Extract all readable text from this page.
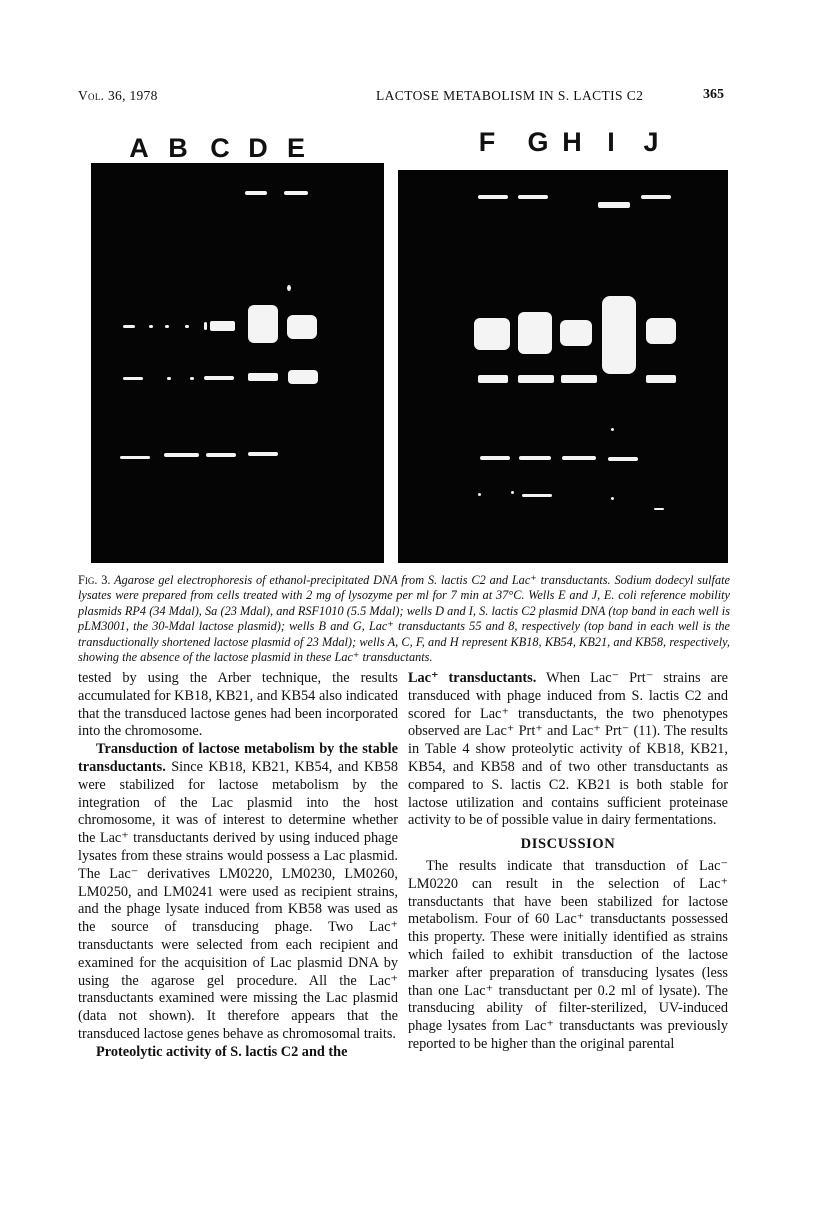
Vol. 36, 1978	LACTOSE METABOLISM IN S. LACTIS C2	365
A B C D E	F G H I	J
Fig. 3. Agarose gel electrophoresis of ethanol-precipitated DNA from S. lactis C2 and Lac⁺ transductants. Sodium dodecyl sulfate lysates were prepared from cells treated with 2 mg of lysozyme per ml for 7 min at 37°C. Wells E and J, E. coli reference mobility plasmids RP4 (34 Mdal), Sa (23 Mdal), and RSF1010 (5.5 Mdal); wells D and I, S. lactis C2 plasmid DNA (top band in each well is pLM3001, the 30-Mdal lactose plasmid); wells B and G, Lac⁺ transductants 55 and 8, respectively (top band in each well is the transductionally shortened lactose plasmid of 23 Mdal); wells A, C, F, and H represent KB18, KB54, KB21, and KB58, respectively, showing the absence of the lactose plasmid in these Lac⁺ transductants.

tested by using the Arber technique, the results accumulated for KB18, KB21, and KB54 also indicated that the transduced lactose genes had been incorporated into the chromosome.

Transduction of lactose metabolism by the stable transductants. Since KB18, KB21, KB54, and KB58 were stabilized for lactose metabolism by the integration of the Lac plasmid into the host chromosome, it was of interest to determine whether the Lac⁺ transductants derived by using induced phage lysates from these strains would possess a Lac plasmid. The Lac⁻ derivatives LM0220, LM0230, LM0260, LM0250, and LM0241 were used as recipient strains, and the phage lysate induced from KB58 was used as the source of transducing phage. Two Lac⁺ transductants were selected from each recipient and examined for the acquisition of Lac plasmid DNA by using the agarose gel procedure. All the Lac⁺ transductants examined were missing the Lac plasmid (data not shown). It therefore appears that the transduced lactose genes behave as chromosomal traits.

Proteolytic activity of S. lactis C2 and the

Lac⁺ transductants. When Lac⁻ Prt⁻ strains are transduced with phage induced from S. lactis C2 and scored for Lac⁺ transductants, the two phenotypes observed are Lac⁺ Prt⁺ and Lac⁺ Prt⁻ (11). The results in Table 4 show proteolytic activity of KB18, KB21, KB54, and KB58 and of two other transductants as compared to S. lactis C2. KB21 is both stable for lactose utilization and contains sufficient proteinase activity to be of possible value in dairy fermentations.

DISCUSSION

The results indicate that transduction of Lac⁻ LM0220 can result in the selection of Lac⁺ transductants that have been stabilized for lactose metabolism. Four of 60 Lac⁺ transductants possessed this property. These were initially identified as strains which failed to exhibit transduction of the lactose marker after preparation of transducing lysates (less than one Lac⁺ transductant per 0.2 ml of lysate). The transducing ability of filter-sterilized, UV-induced phage lysates from Lac⁺ transductants was previously reported to be higher than the original parental
